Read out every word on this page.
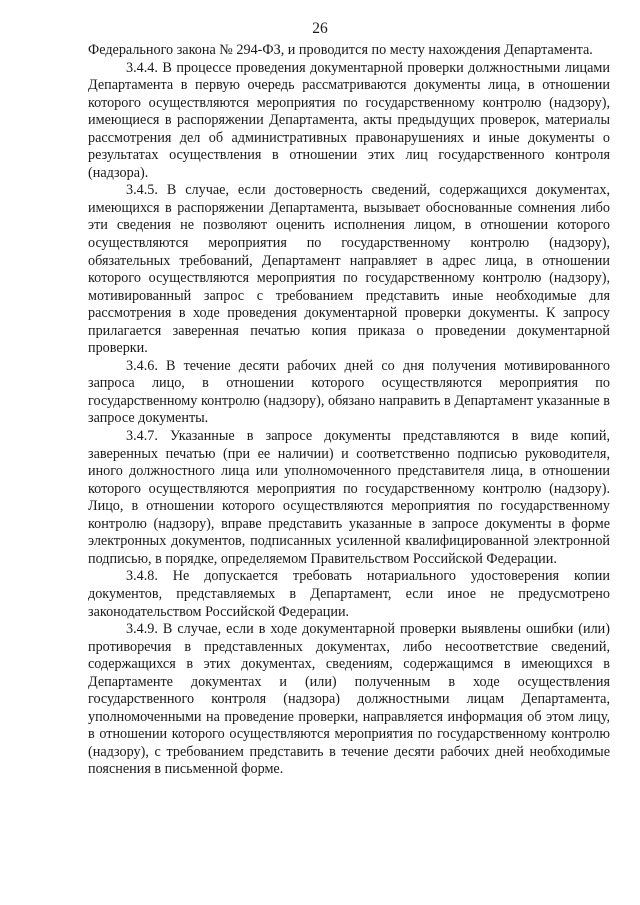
26

Федерального закона № 294-ФЗ, и проводится по месту нахождения Департамента.

3.4.4. В процессе проведения документарной проверки должностными лицами Департамента в первую очередь рассматриваются документы лица, в отношении которого осуществляются мероприятия по государственному контролю (надзору), имеющиеся в распоряжении Департамента, акты предыдущих проверок, материалы рассмотрения дел об административных правонарушениях и иные документы о результатах осуществления в отношении этих лиц государственного контроля (надзора).

3.4.5. В случае, если достоверность сведений, содержащихся документах, имеющихся в распоряжении Департамента, вызывает обоснованные сомнения либо эти сведения не позволяют оценить исполнения лицом, в отношении которого осуществляются мероприятия по государственному контролю (надзору), обязательных требований, Департамент направляет в адрес лица, в отношении которого осуществляются мероприятия по государственному контролю (надзору), мотивированный запрос с требованием представить иные необходимые для рассмотрения в ходе проведения документарной проверки документы. К запросу прилагается заверенная печатью копия приказа о проведении документарной проверки.

3.4.6. В течение десяти рабочих дней со дня получения мотивированного запроса лицо, в отношении которого осуществляются мероприятия по государственному контролю (надзору), обязано направить в Департамент указанные в запросе документы.

3.4.7. Указанные в запросе документы представляются в виде копий, заверенных печатью (при ее наличии) и соответственно подписью руководителя, иного должностного лица или уполномоченного представителя лица, в отношении которого осуществляются мероприятия по государственному контролю (надзору). Лицо, в отношении которого осуществляются мероприятия по государственному контролю (надзору), вправе представить указанные в запросе документы в форме электронных документов, подписанных усиленной квалифицированной электронной подписью, в порядке, определяемом Правительством Российской Федерации.

3.4.8. Не допускается требовать нотариального удостоверения копии документов, представляемых в Департамент, если иное не предусмотрено законодательством Российской Федерации.

3.4.9. В случае, если в ходе документарной проверки выявлены ошибки (или) противоречия в представленных документах, либо несоответствие сведений, содержащихся в этих документах, сведениям, содержащимся в имеющихся в Департаменте документах и (или) полученным в ходе осуществления государственного контроля (надзора) должностными лицам Департамента, уполномоченными на проведение проверки, направляется информация об этом лицу, в отношении которого осуществляются мероприятия по государственному контролю (надзору), с требованием представить в течение десяти рабочих дней необходимые пояснения в письменной форме.
